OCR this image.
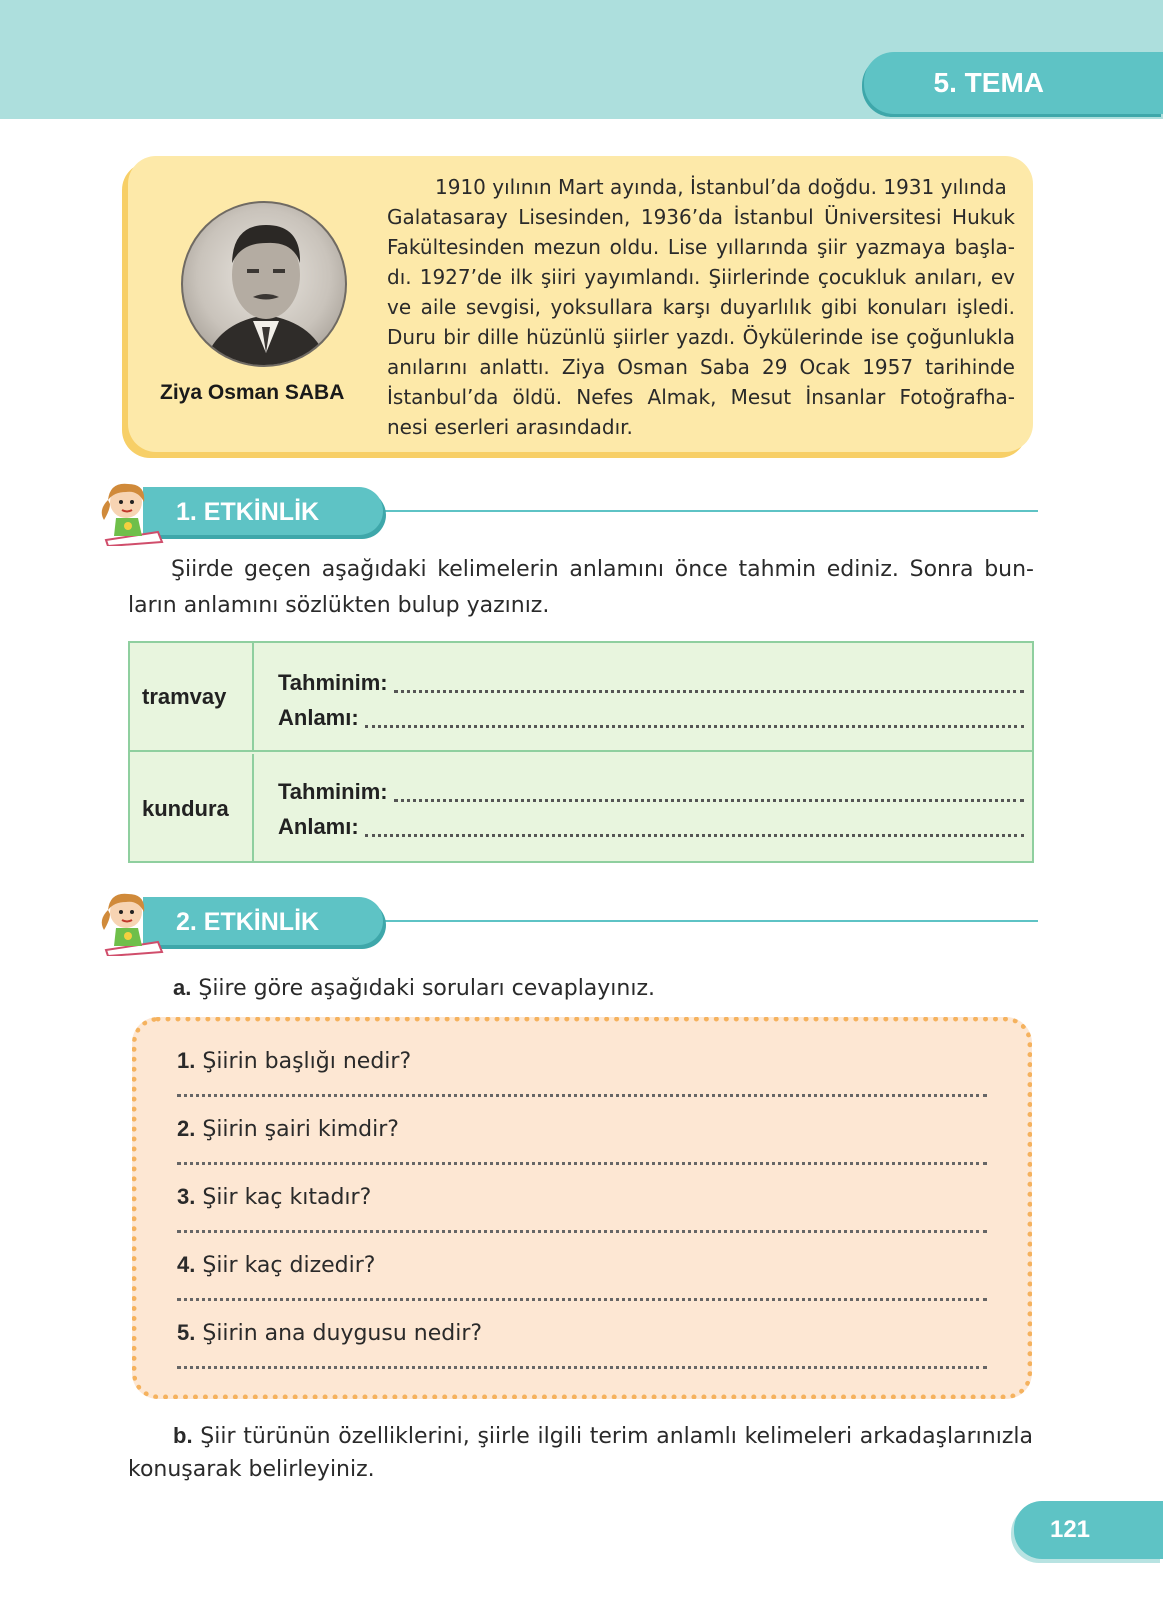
5. TEMA
Ziya Osman SABA
1910 yılının Mart ayında, İstanbul’da doğdu. 1931 yılında
Galatasaray Lisesinden, 1936’da İstanbul Üniversitesi Hukuk
Fakültesinden mezun oldu. Lise yıllarında şiir yazmaya başla-
dı. 1927’de ilk şiiri yayımlandı. Şiirlerinde çocukluk anıları, ev
ve aile sevgisi, yoksullara karşı duyarlılık gibi konuları işledi.
Duru bir dille hüzünlü şiirler yazdı. Öykülerinde ise çoğunlukla
anılarını anlattı. Ziya Osman Saba 29 Ocak 1957 tarihinde
İstanbul’da öldü. Nefes Almak, Mesut İnsanlar Fotoğrafha-
nesi eserleri arasındadır.
1. ETKİNLİK
Şiirde geçen aşağıdaki kelimelerin anlamını önce tahmin ediniz. Sonra bun-
ların anlamını sözlükten bulup yazınız.
tramvay
Tahminim:
Anlamı:
kundura
Tahminim:
Anlamı:
2. ETKİNLİK
a. Şiire göre aşağıdaki soruları cevaplayınız.
1. Şiirin başlığı nedir?
2. Şiirin şairi kimdir?
3. Şiir kaç kıtadır?
4. Şiir kaç dizedir?
5. Şiirin ana duygusu nedir?
b. Şiir türünün özelliklerini, şiirle ilgili terim anlamlı kelimeleri arkadaşlarınızla
konuşarak belirleyiniz.
121
